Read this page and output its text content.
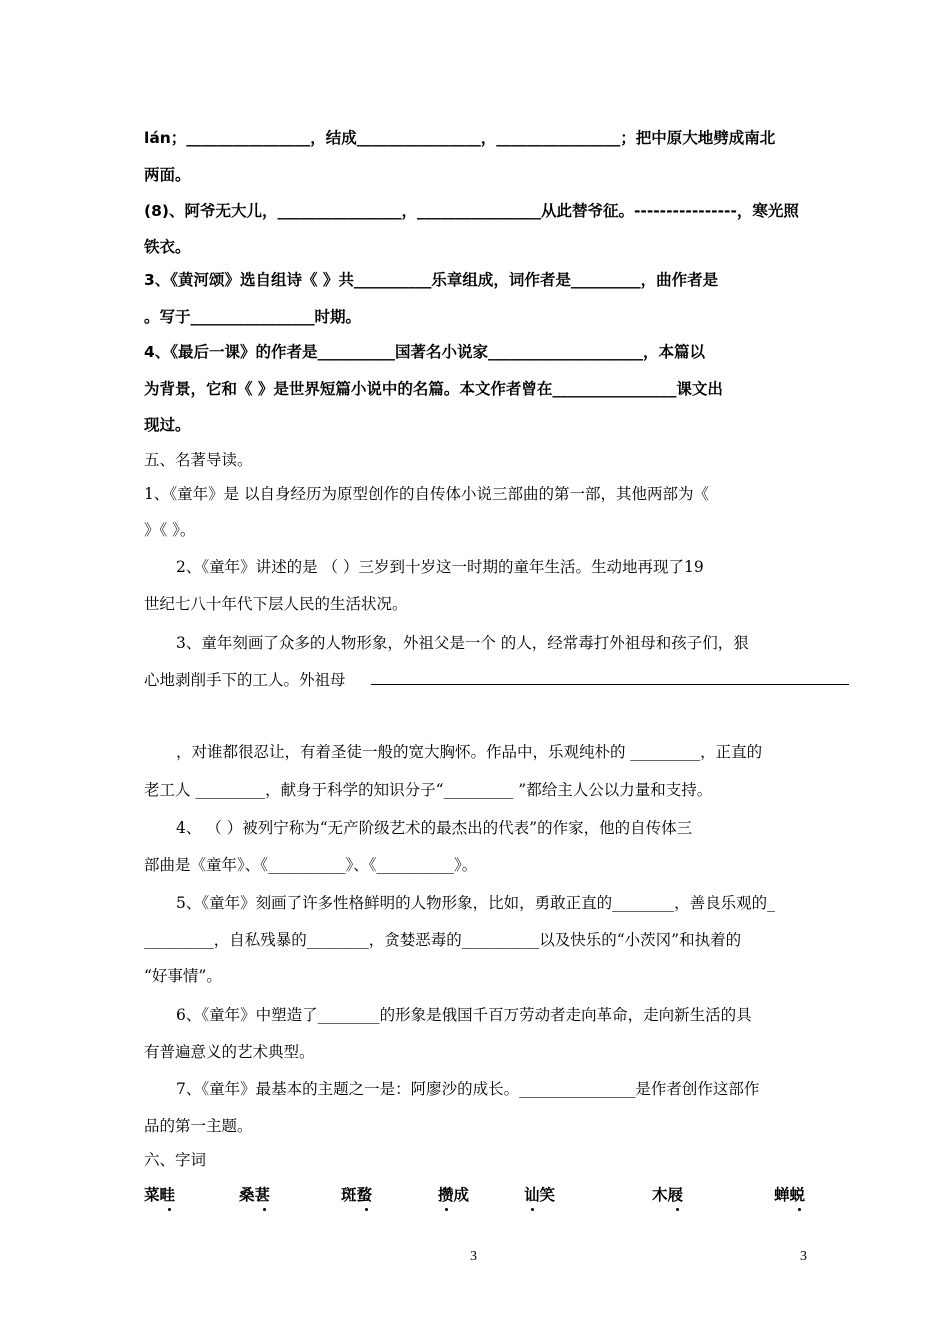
lán；________________，结成________________，________________；把中原大地劈成南北
两面。
(8)、阿爷无大儿，________________，________________从此替爷征。----------------，寒光照
铁衣。
3、《黄河颂》选自组诗《 》共__________乐章组成，词作者是_________，曲作者是
。写于________________时期。
4、《最后一课》的作者是__________国著名小说家____________________，本篇以
为背景，它和《 》是世界短篇小说中的名篇。本文作者曾在________________课文出
现过。
五、名著导读。
1、《童年》是 以自身经历为原型创作的自传体小说三部曲的第一部，其他两部为《
》《 》。
2、《童年》讲述的是 （ ）三岁到十岁这一时期的童年生活。生动地再现了19
世纪七八十年代下层人民的生活状况。
3、童年刻画了众多的人物形象，外祖父是一个 的人，经常毒打外祖母和孩子们，狠
心地剥削手下的工人。外祖母
，对谁都很忍让，有着圣徒一般的宽大胸怀。作品中，乐观纯朴的 _________，正直的
老工人 _________，献身于科学的知识分子“_________ ”都给主人公以力量和支持。
4、 （ ）被列宁称为“无产阶级艺术的最杰出的代表”的作家，他的自传体三
部曲是《童年》、《__________》、《__________》。
5、《童年》刻画了许多性格鲜明的人物形象，比如，勇敢正直的________，善良乐观的_
_________，自私残暴的________，贪婪恶毒的__________以及快乐的“小茨冈”和执着的
“好事情”。
6、《童年》中塑造了________的形象是俄国千百万劳动者走向革命，走向新生活的具
有普遍意义的艺术典型。
7、《童年》最基本的主题之一是：阿廖沙的成长。_______________是作者创作这部作
品的第一主题。
六、字词
菜畦	桑葚	斑蝥	攒成	讪笑	木屐	蝉蜕
3	3
